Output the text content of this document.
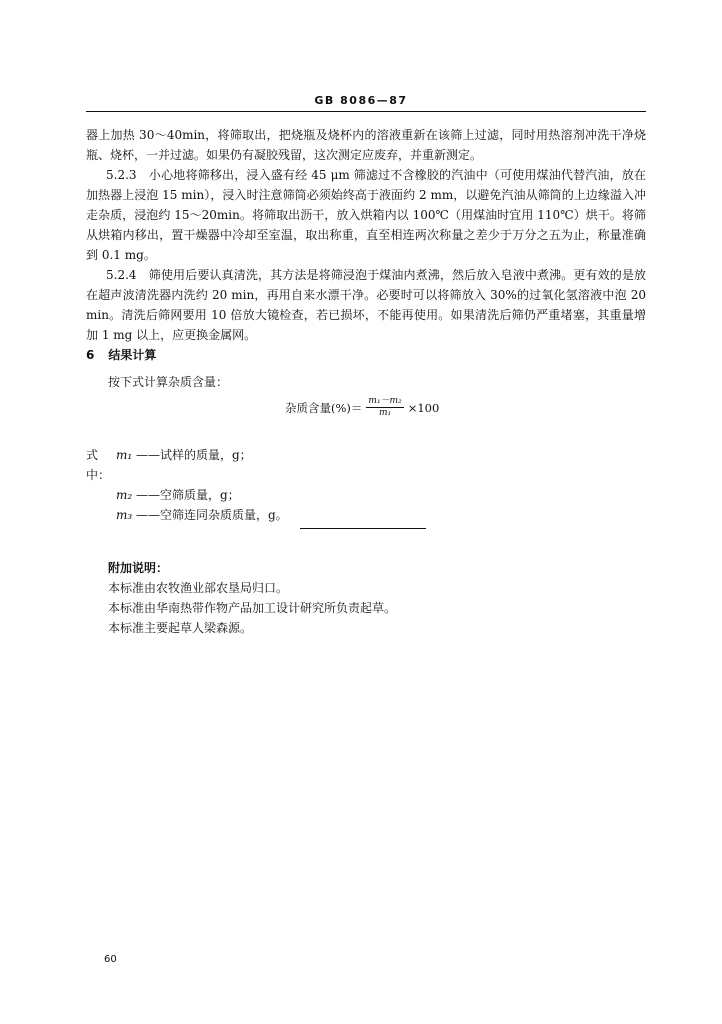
GB 8086—87

器上加热 30～40min，将筛取出，把烧瓶及烧杯内的溶液重新在该筛上过滤，同时用热溶剂冲洗干净烧瓶、烧杯，一并过滤。如果仍有凝胶残留，这次测定应废弃，并重新测定。

5.2.3　小心地将筛移出，浸入盛有经 45 μm 筛滤过不含橡胶的汽油中（可使用煤油代替汽油，放在加热器上浸泡 15 min），浸入时注意筛筒必须始终高于液面约 2 mm，以避免汽油从筛筒的上边缘溢入冲走杂质，浸泡约 15～20min。将筛取出沥干，放入烘箱内以 100℃（用煤油时宜用 110℃）烘干。将筛从烘箱内移出，置干燥器中冷却至室温，取出称重，直至相连两次称量之差少于万分之五为止，称量准确到 0.1 mg。

5.2.4　筛使用后要认真清洗，其方法是将筛浸泡于煤油内煮沸，然后放入皂液中煮沸。更有效的是放在超声波清洗器内洗约 20 min，再用自来水漂干净。必要时可以将筛放入 30%的过氧化氢溶液中泡 20 min。清洗后筛网要用 10 倍放大镜检查，若已损坏，不能再使用。如果清洗后筛仍严重堵塞，其重量增加 1 mg 以上，应更换金属网。

6 结果计算
按下式计算杂质含量：
杂质含量(%)＝ $\frac{\text{m₁－m₂}}{\text{m₁}} \times 100$
式中：
m₁ ——试样的质量，g；
m₂ ——空筛质量，g；
m₃ ——空筛连同杂质质量，g。
附加说明：
本标准由农牧渔业部农垦局归口。
本标准由华南热带作物产品加工设计研究所负责起草。
本标准主要起草人梁森源。
60
